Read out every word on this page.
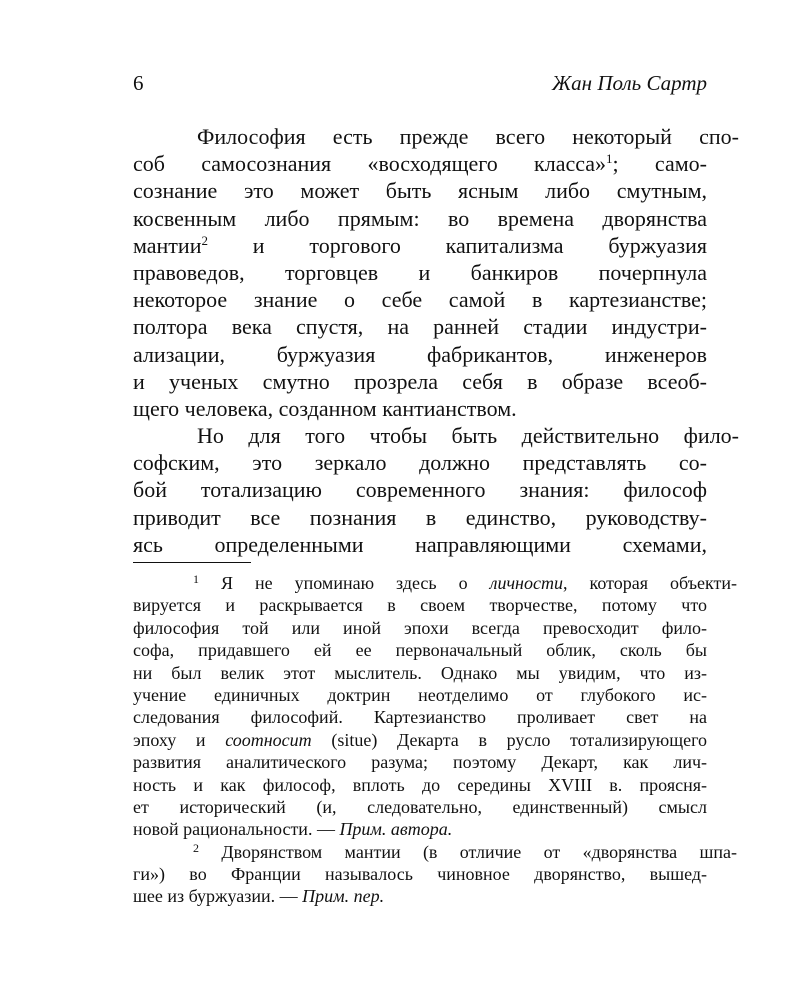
6	Жан Поль Сартр
Философия есть прежде всего некоторый спо-
соб самосознания «восходящего класса»$^1$; само-
сознание это может быть ясным либо смутным,
косвенным либо прямым: во времена дворянства
мантии$^2$ и торгового капитализма буржуазия
правоведов, торговцев и банкиров почерпнула
некоторое знание о себе самой в картезианстве;
полтора века спустя, на ранней стадии индустри-
ализации, буржуазия фабрикантов, инженеров
и ученых смутно прозрела себя в образе всеоб-
щего человека, созданном кантианством.
Но для того чтобы быть действительно фило-
софским, это зеркало должно представлять со-
бой тотализацию современного знания: философ
приводит все познания в единство, руководству-
ясь определенными направляющими схемами,
$^1$ Я не упоминаю здесь о личности, которая объекти-
вируется и раскрывается в своем творчестве, потому что
философия той или иной эпохи всегда превосходит фило-
софа, придавшего ей ее первоначальный облик, сколь бы
ни был велик этот мыслитель. Однако мы увидим, что из-
учение единичных доктрин неотделимо от глубокого ис-
следования философий. Картезианство проливает свет на
эпоху и соотносит (situe) Декарта в русло тотализирующего
развития аналитического разума; поэтому Декарт, как лич-
ность и как философ, вплоть до середины XVIII в. проясня-
ет исторический (и, следовательно, единственный) смысл
новой рациональности. — Прим. автора.
$^2$ Дворянством мантии (в отличие от «дворянства шпа-
ги») во Франции называлось чиновное дворянство, вышед-
шее из буржуазии. — Прим. пер.
